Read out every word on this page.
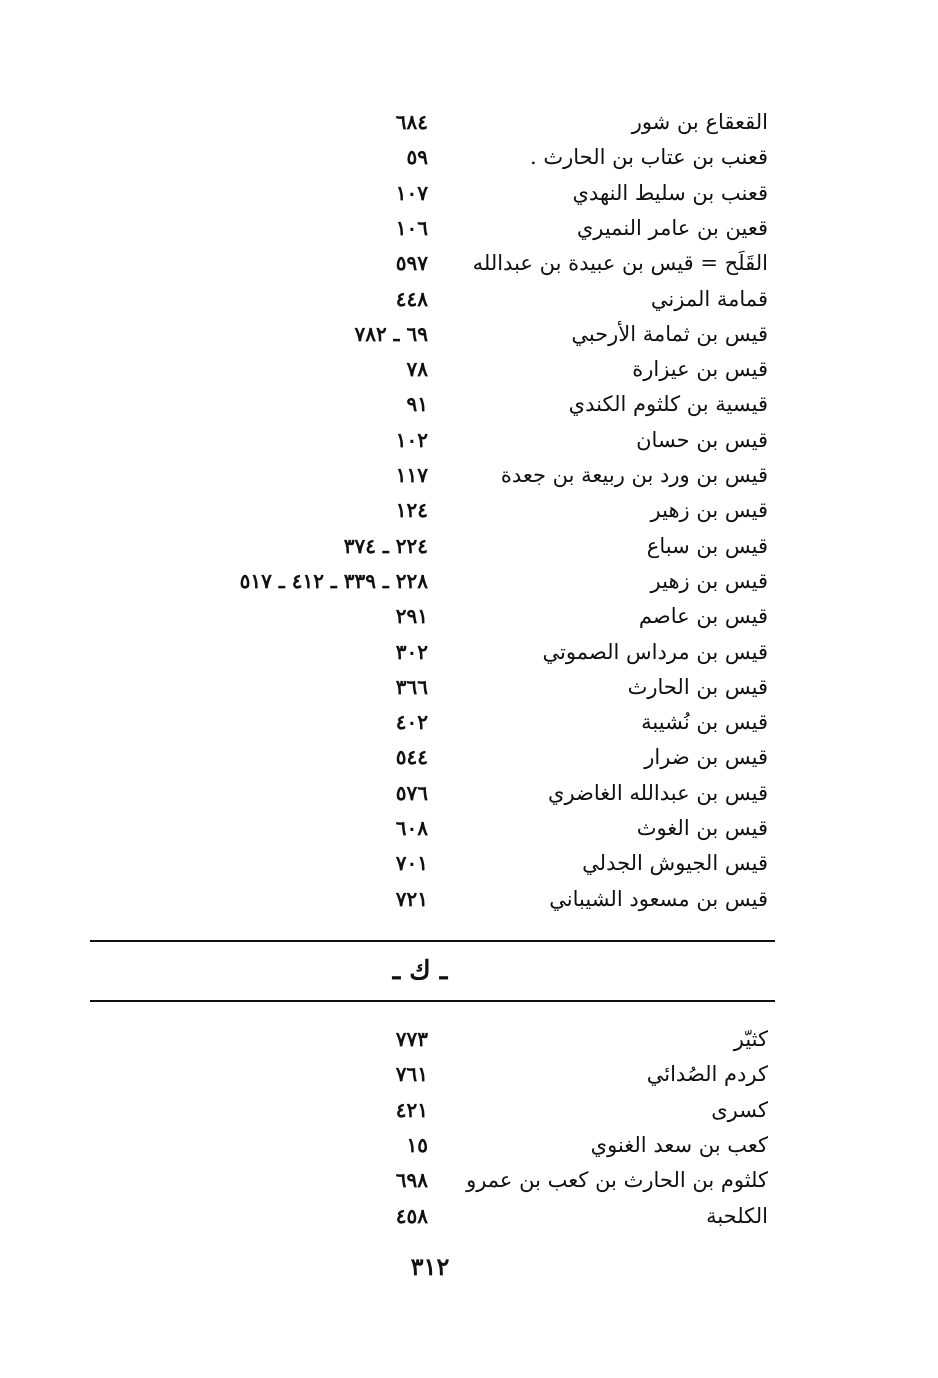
القعقاع بن شور
٦٨٤
قعنب بن عتاب بن الحارث .
٥٩
قعنب بن سليط النهدي
١٠٧
قعين بن عامر النميري
١٠٦
القَلَح = قيس بن عبيدة بن عبدالله
٥٩٧
قمامة المزني
٤٤٨
قيس بن ثمامة الأرحبي
٦٩ ـ ٧٨٢
قيس بن عيزارة
٧٨
قيسية بن كلثوم الكندي
٩١
قيس بن حسان
١٠٢
قيس بن ورد بن ربيعة بن جعدة
١١٧
قيس بن زهير
١٢٤
قيس بن سباع
٢٢٤ ـ ٣٧٤
قيس بن زهير
٢٢٨ ـ ٣٣٩ ـ ٤١٢ ـ ٥١٧
قيس بن عاصم
٢٩١
قيس بن مرداس الصموتي
٣٠٢
قيس بن الحارث
٣٦٦
قيس بن نُشيبة
٤٠٢
قيس بن ضرار
٥٤٤
قيس بن عبدالله الغاضري
٥٧٦
قيس بن الغوث
٦٠٨
قيس الجيوش الجدلي
٧٠١
قيس بن مسعود الشيباني
٧٢١
ـ ك ـ
كثيّر
٧٧٣
كردم الصُدائي
٧٦١
كسرى
٤٢١
كعب بن سعد الغنوي
١٥
كلثوم بن الحارث بن كعب بن عمرو
٦٩٨
الكلحبة
٤٥٨
٣١٢
